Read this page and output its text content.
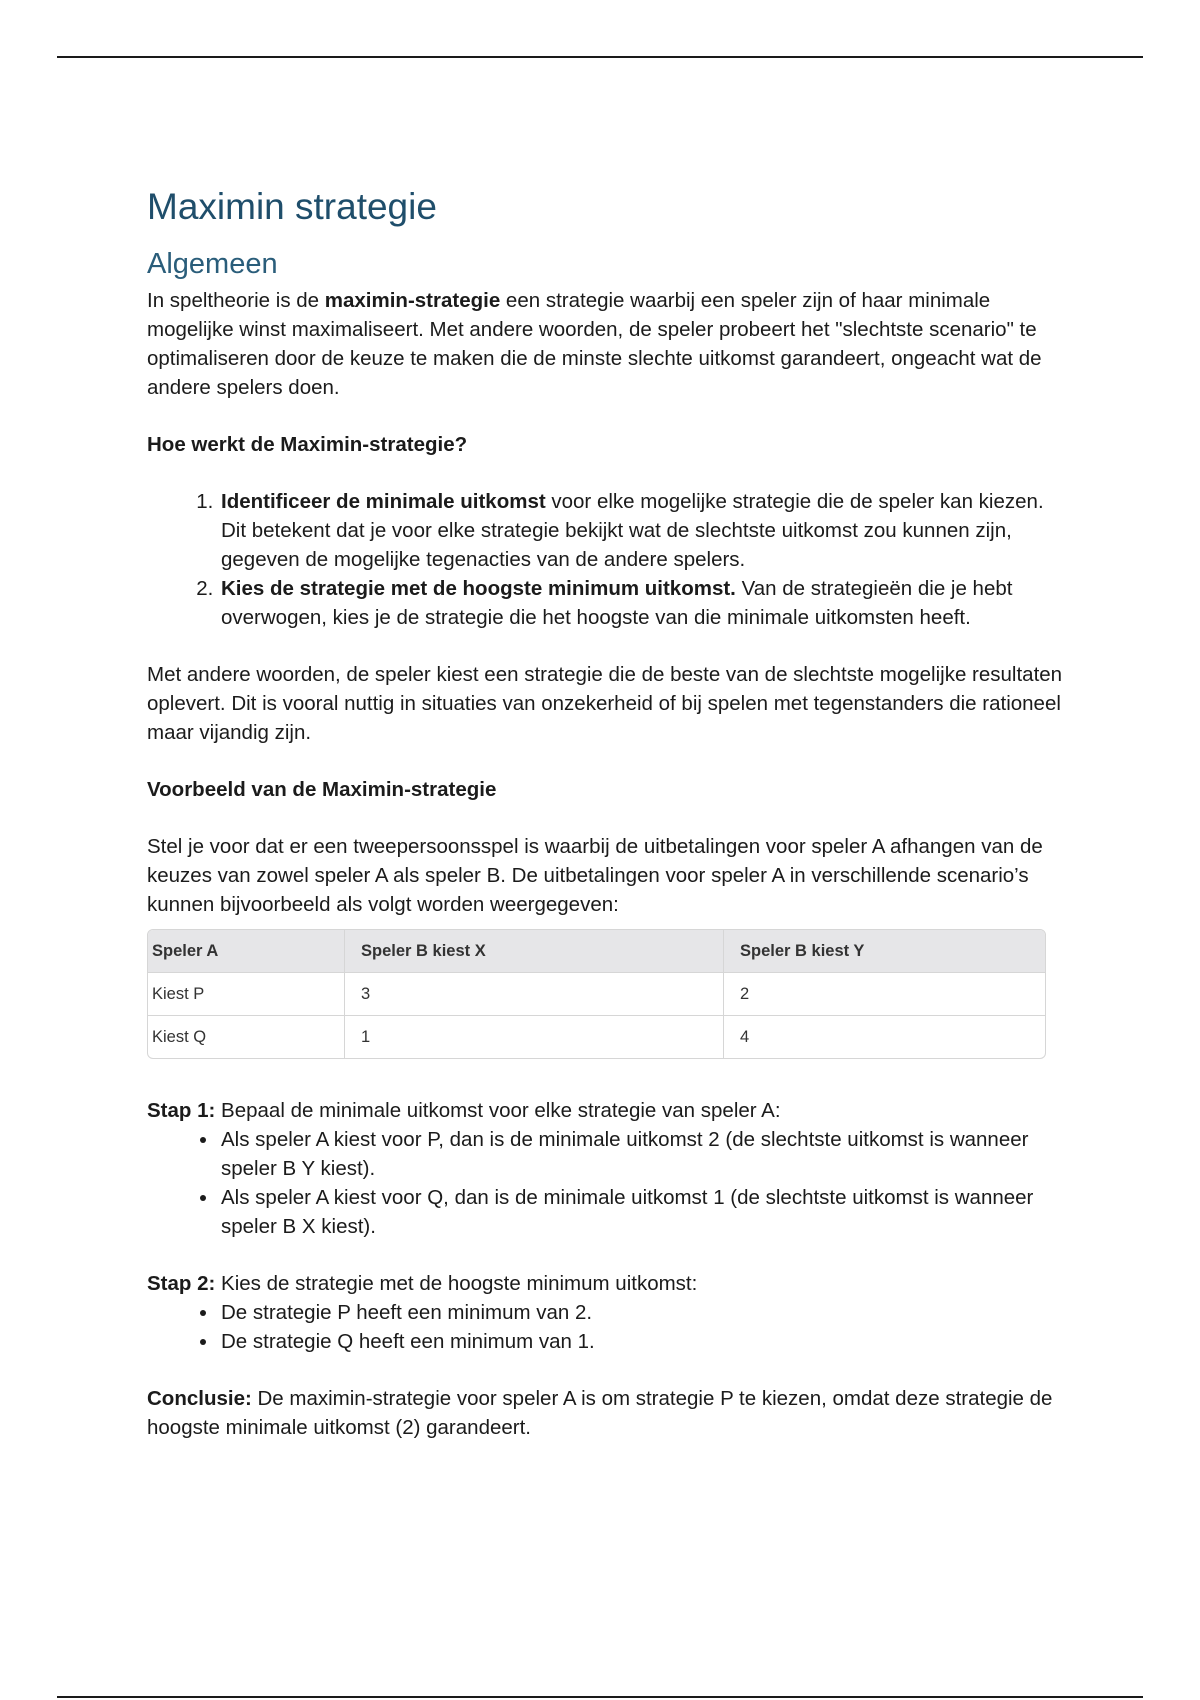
Maximin strategie
Algemeen

In speltheorie is de maximin-strategie een strategie waarbij een speler zijn of haar minimale mogelijke winst maximaliseert. Met andere woorden, de speler probeert het "slechtste scenario" te optimaliseren door de keuze te maken die de minste slechte uitkomst garandeert, ongeacht wat de andere spelers doen.

Hoe werkt de Maximin-strategie?

1. Identificeer de minimale uitkomst voor elke mogelijke strategie die de speler kan kiezen. Dit betekent dat je voor elke strategie bekijkt wat de slechtste uitkomst zou kunnen zijn, gegeven de mogelijke tegenacties van de andere spelers.
2. Kies de strategie met de hoogste minimum uitkomst. Van de strategieën die je hebt overwogen, kies je de strategie die het hoogste van die minimale uitkomsten heeft.

Met andere woorden, de speler kiest een strategie die de beste van de slechtste mogelijke resultaten oplevert. Dit is vooral nuttig in situaties van onzekerheid of bij spelen met tegenstanders die rationeel maar vijandig zijn.

Voorbeeld van de Maximin-strategie

Stel je voor dat er een tweepersoonsspel is waarbij de uitbetalingen voor speler A afhangen van de keuzes van zowel speler A als speler B. De uitbetalingen voor speler A in verschillende scenario’s kunnen bijvoorbeeld als volgt worden weergegeven:

Speler A	Speler B kiest X	Speler B kiest Y
Kiest P	3	2
Kiest Q	1	4

Stap 1: Bepaal de minimale uitkomst voor elke strategie van speler A:

• Als speler A kiest voor P, dan is de minimale uitkomst 2 (de slechtste uitkomst is wanneer speler B Y kiest).
• Als speler A kiest voor Q, dan is de minimale uitkomst 1 (de slechtste uitkomst is wanneer speler B X kiest).

Stap 2: Kies de strategie met de hoogste minimum uitkomst:

• De strategie P heeft een minimum van 2.
• De strategie Q heeft een minimum van 1.

Conclusie: De maximin-strategie voor speler A is om strategie P te kiezen, omdat deze strategie de hoogste minimale uitkomst (2) garandeert.
